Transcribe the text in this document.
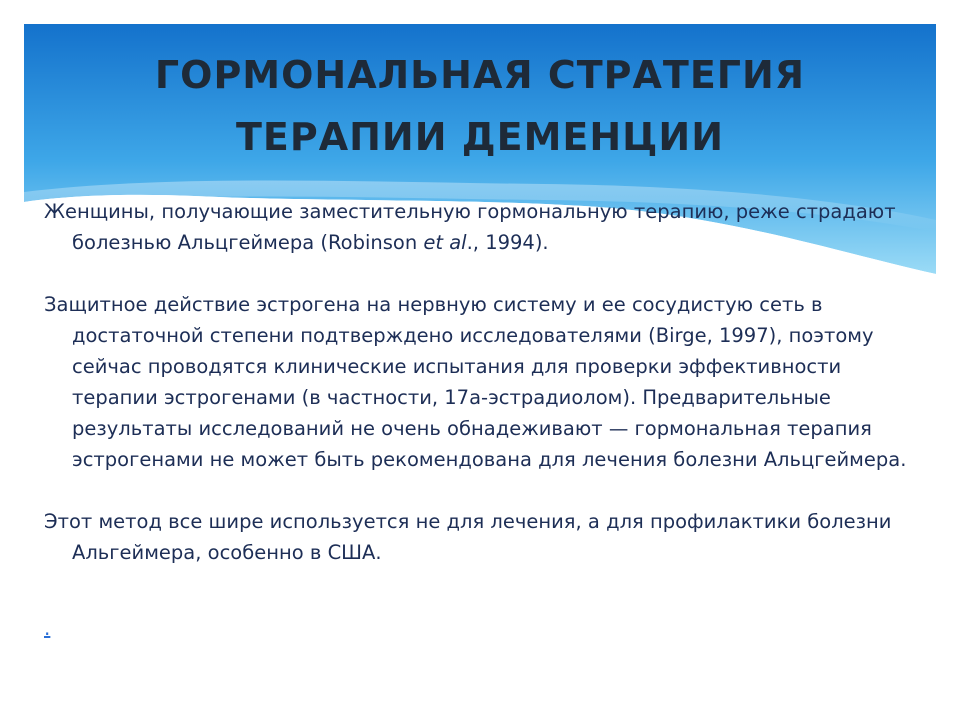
ГОРМОНАЛЬНАЯ СТРАТЕГИЯ
ТЕРАПИИ ДЕМЕНЦИИ

Женщины, получающие заместительную гормональную терапию, реже страдают болезнью Альцгеймера (Robinson et al., 1994).

Защитное действие эстрогена на нервную систему и ее сосудистую сеть в достаточной степени подтверждено исследователями (Birge, 1997), поэтому сейчас проводятся клинические испытания для проверки эффективности терапии эстрогенами (в частности, 17а-эстрадиолом). Предварительные результаты исследований не очень обнадеживают — гормональная терапия эстрогенами не может быть рекомендована для лечения болезни Альцгеймера.

Этот метод все шире используется не для лечения, а для профилактики болезни Альгеймера, особенно в США.

.
